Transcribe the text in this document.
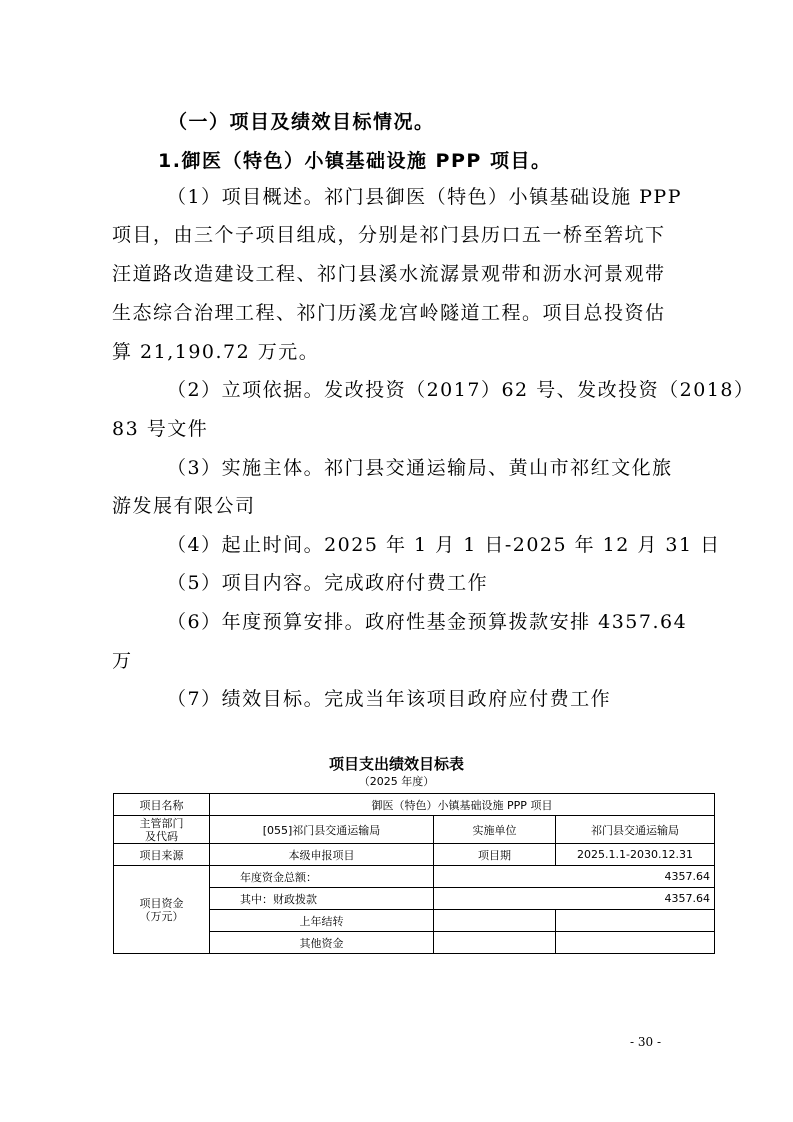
（一）项目及绩效目标情况。
1.御医（特色）小镇基础设施 PPP 项目。
（1）项目概述。祁门县御医（特色）小镇基础设施 PPP
项目，由三个子项目组成，分别是祁门县历口五一桥至箬坑下
汪道路改造建设工程、祁门县溪水流潺景观带和沥水河景观带
生态综合治理工程、祁门历溪龙宫岭隧道工程。项目总投资估
算 21,190.72 万元。
（2）立项依据。发改投资（2017）62 号、发改投资（2018）
83 号文件
（3）实施主体。祁门县交通运输局、黄山市祁红文化旅
游发展有限公司
（4）起止时间。2025 年 1 月 1 日-2025 年 12 月 31 日
（5）项目内容。完成政府付费工作
（6）年度预算安排。政府性基金预算拨款安排 4357.64
万
（7）绩效目标。完成当年该项目政府应付费工作
项目支出绩效目标表
（2025 年度）
项目名称	御医（特色）小镇基础设施 PPP 项目		

主管部门
及代码	[055]祁门县交通运输局	实施单位	祁门县交通运输局
项目来源	本级申报项目	项目期	2025.1.1-2030.12.31

项目资金
（万元）	年度资金总额：	4357.64	
	其中：财政拨款	4357.64	
	上年结转		
	其他资金		
- 30 -
